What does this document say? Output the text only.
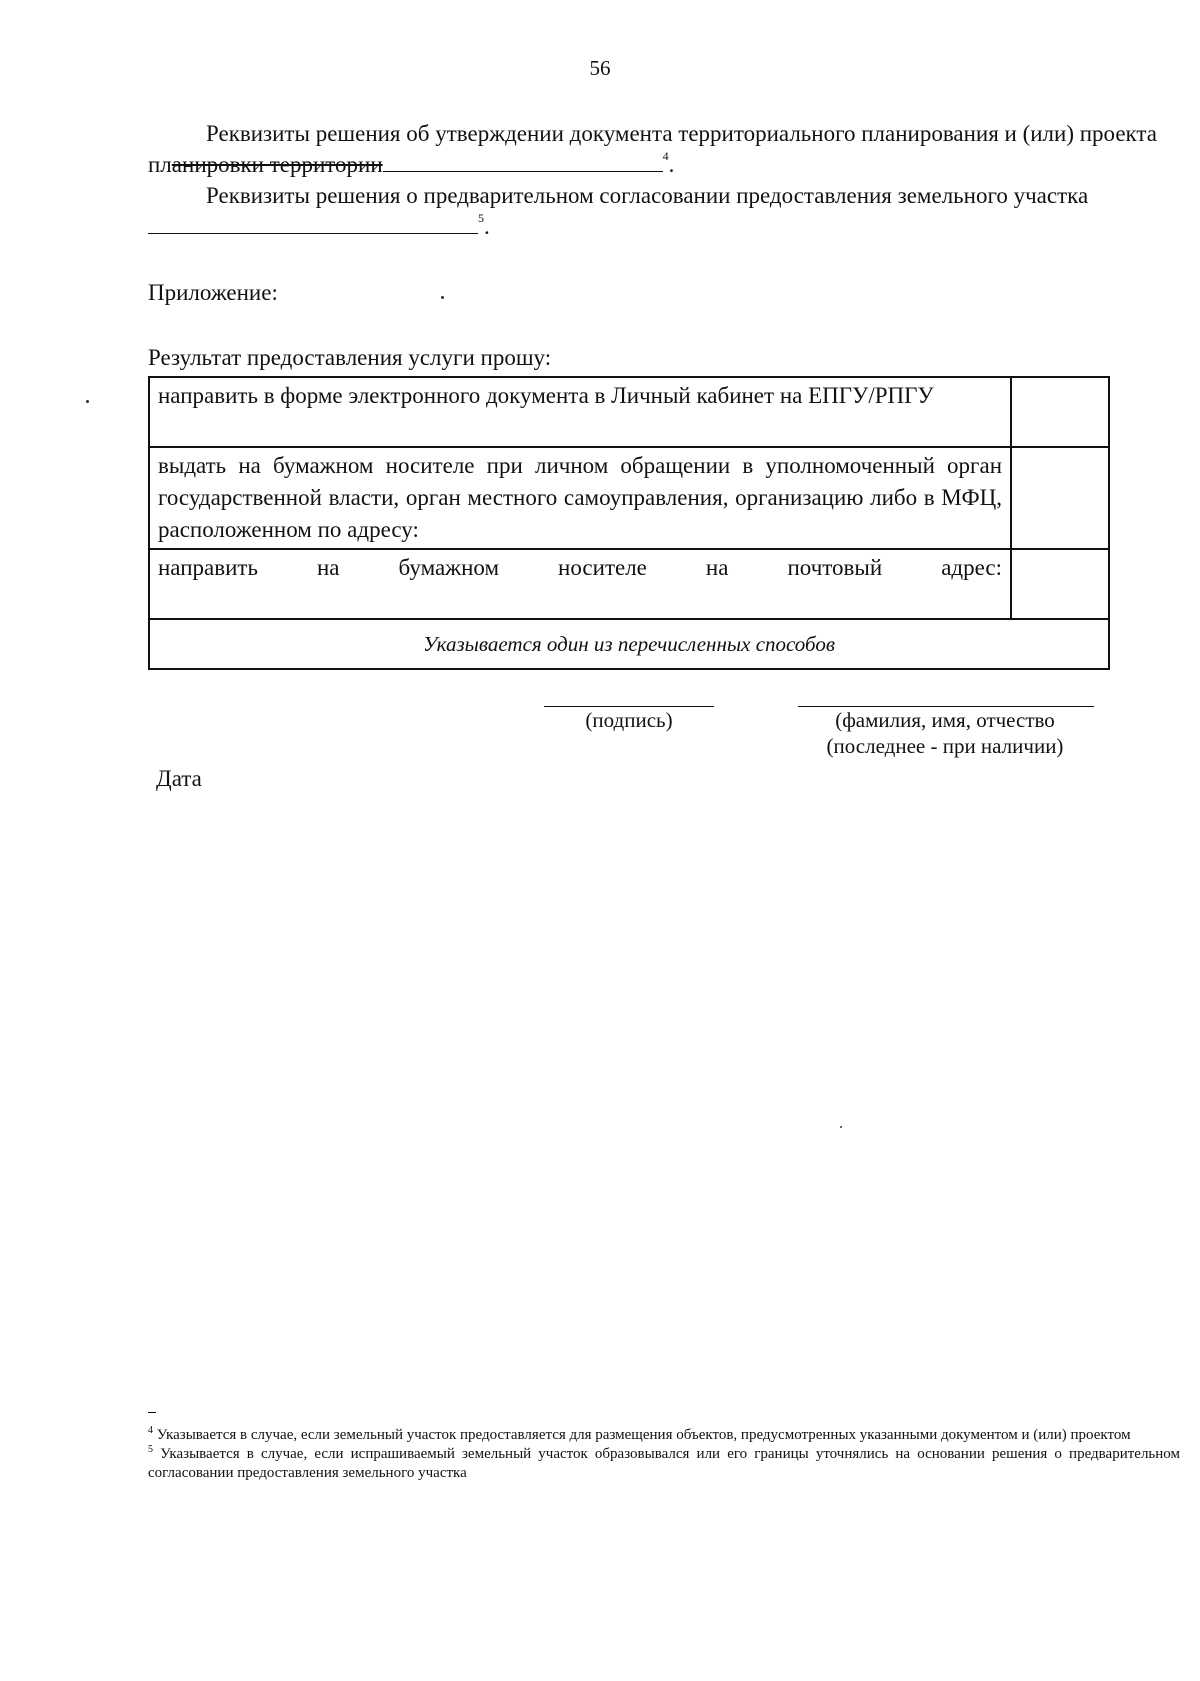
56
Реквизиты решения об утверждении документа территориального планирования и (или) проекта планировки территории	$^4$.
Реквизиты решения о предварительном согласовании предоставления земельного участка$^5$.
Приложение:
Результат предоставления услуги прошу:
направить в форме электронного документа в Личный кабинет на ЕПГУ/РПГУ	
выдать на бумажном носителе при личном обращении в уполномоченный орган государственной власти, орган местного самоуправления, организацию либо в МФЦ, расположенном по адресу:	
направить на бумажном носителе на почтовый адрес:	
Указывается один из перечисленных способов	
(подпись)	(фамилия, имя, отчество
(последнее - при наличии)
Дата

$^4$ Указывается в случае, если земельный участок предоставляется для размещения объектов, предусмотренных указанными документом и (или) проектом

$^5$ Указывается в случае, если испрашиваемый земельный участок образовывался или его границы уточнялись на основании решения о предварительном согласовании предоставления земельного участка
